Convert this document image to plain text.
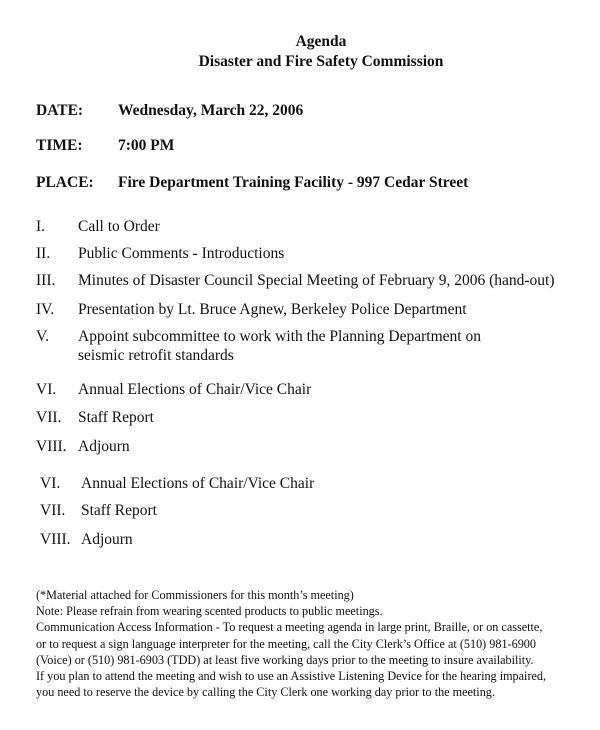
Agenda
Disaster and Fire Safety Commission
DATE: Wednesday, March 22, 2006
TIME: 7:00 PM
PLACE: Fire Department Training Facility - 997 Cedar Street
I. Call to Order
II. Public Comments - Introductions
III. Minutes of Disaster Council Special Meeting of February 9, 2006 (hand-out)
IV. Presentation by Lt. Bruce Agnew, Berkeley Police Department
V. Appoint subcommittee to work with the Planning Department on
seismic retrofit standards
VI. Annual Elections of Chair/Vice Chair
VII. Staff Report
VIII. Adjourn
VI. Annual Elections of Chair/Vice Chair
VII. Staff Report
VIII. Adjourn
(*Material attached for Commissioners for this month’s meeting)
Note: Please refrain from wearing scented products to public meetings.
Communication Access Information - To request a meeting agenda in large print, Braille, or on cassette,
or to request a sign language interpreter for the meeting, call the City Clerk’s Office at (510) 981-6900
(Voice) or (510) 981-6903 (TDD) at least five working days prior to the meeting to insure availability.
If you plan to attend the meeting and wish to use an Assistive Listening Device for the hearing impaired,
you need to reserve the device by calling the City Clerk one working day prior to the meeting.
